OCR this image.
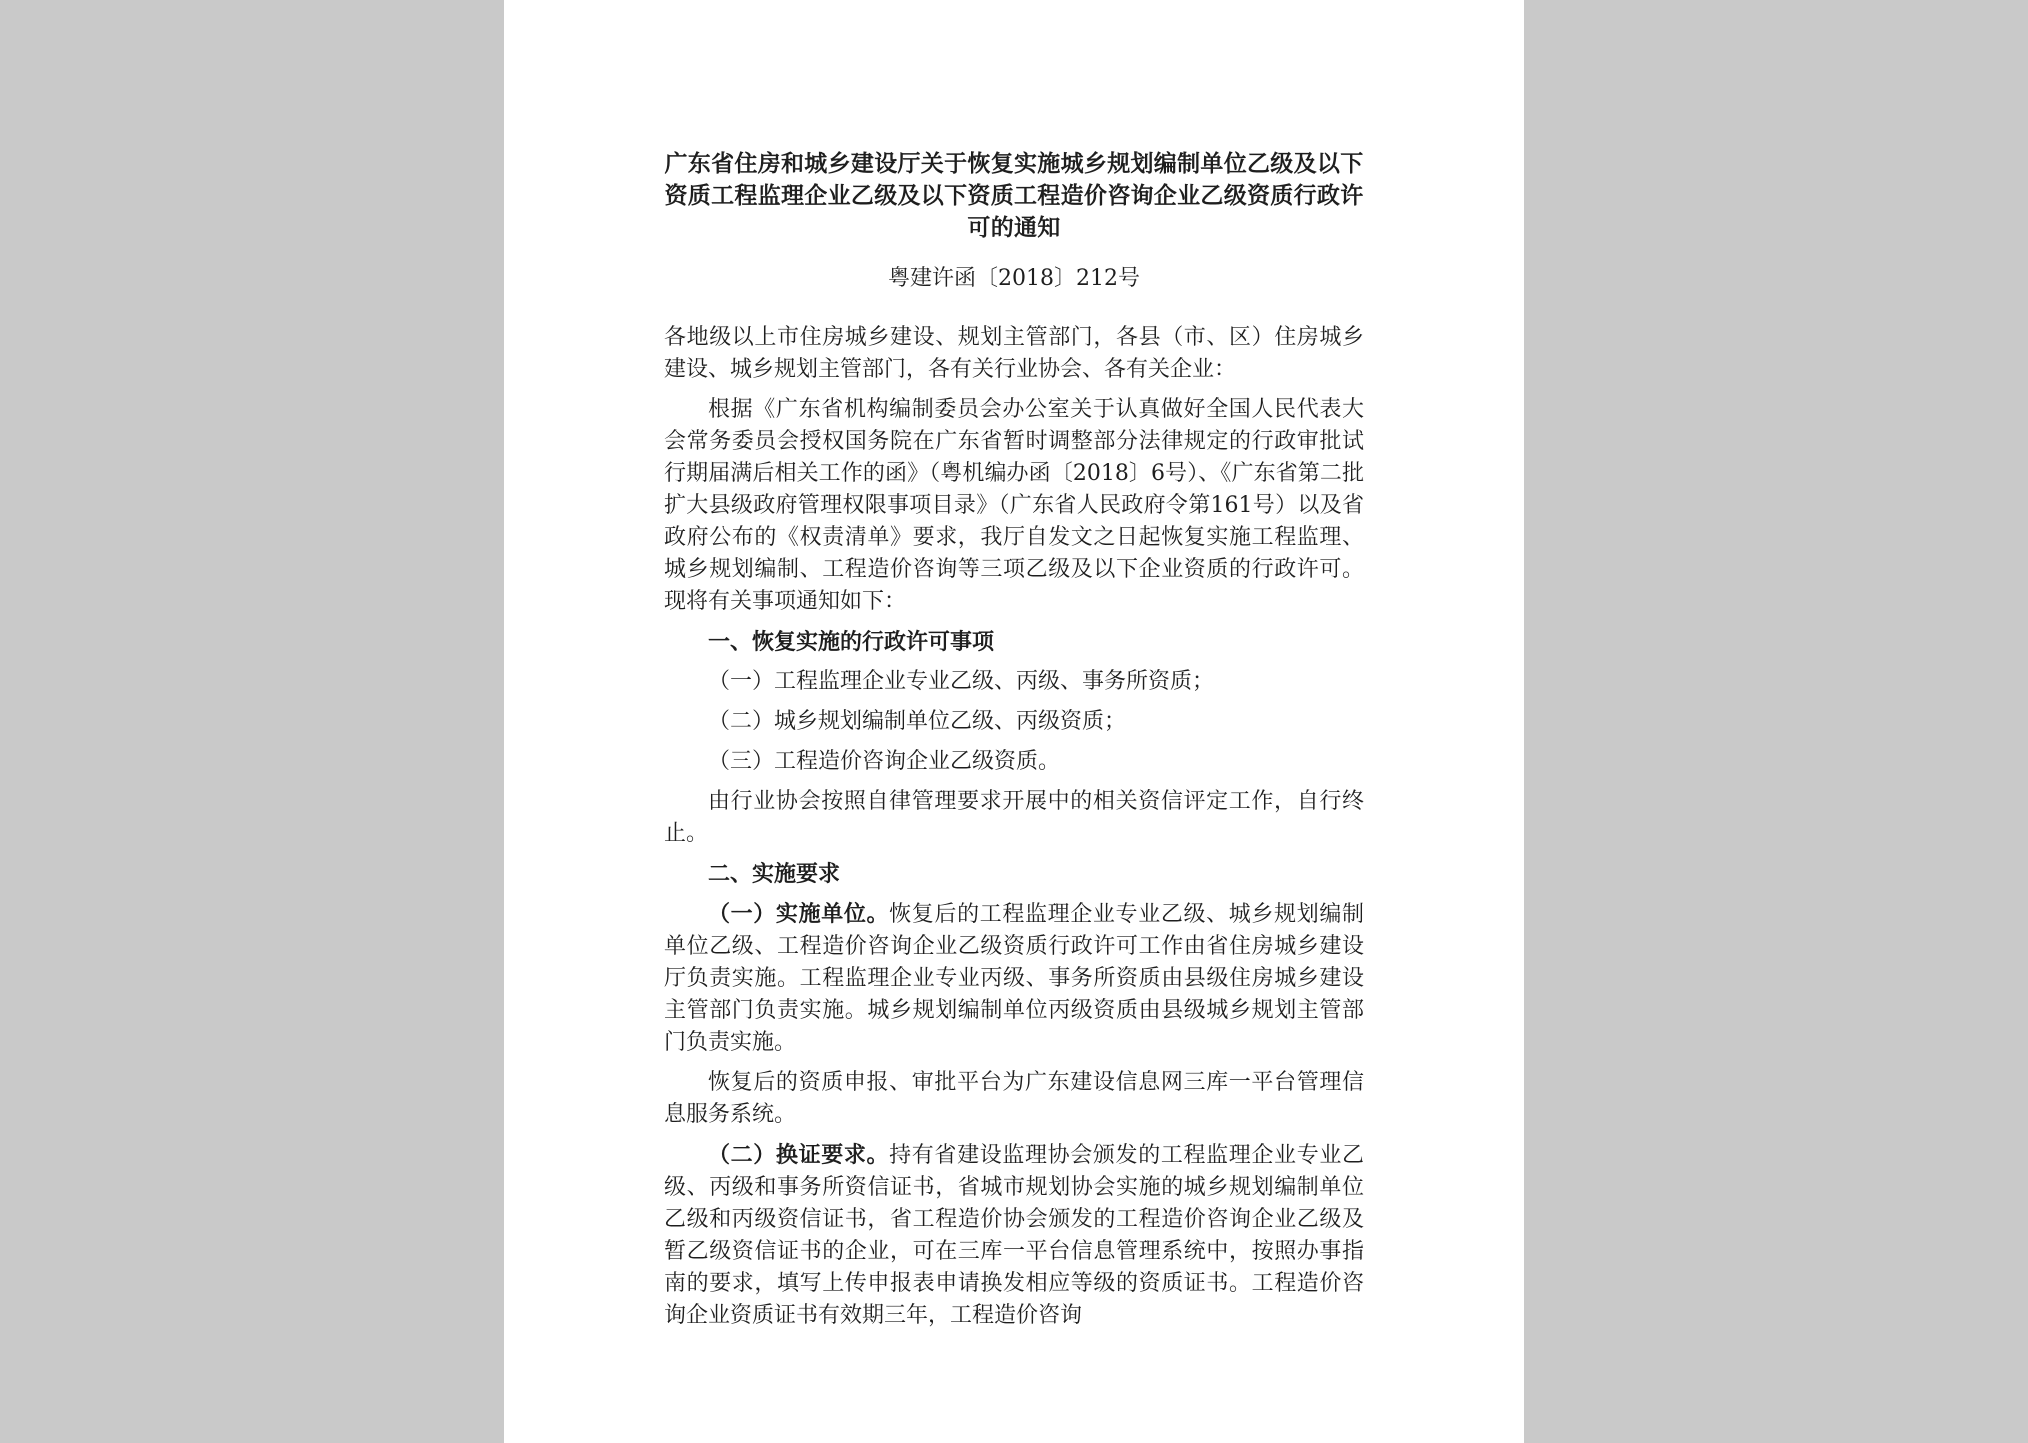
广东省住房和城乡建设厅关于恢复实施城乡规划编制单位乙级及以下资质工程监理企业乙级及以下资质工程造价咨询企业乙级资质行政许可的通知
粤建许函〔2018〕212号

各地级以上市住房城乡建设、规划主管部门，各县（市、区）住房城乡建设、城乡规划主管部门，各有关行业协会、各有关企业：

根据《广东省机构编制委员会办公室关于认真做好全国人民代表大会常务委员会授权国务院在广东省暂时调整部分法律规定的行政审批试行期届满后相关工作的函》（粤机编办函〔2018〕6号）、《广东省第二批扩大县级政府管理权限事项目录》（广东省人民政府令第161号）以及省政府公布的《权责清单》要求，我厅自发文之日起恢复实施工程监理、城乡规划编制、工程造价咨询等三项乙级及以下企业资质的行政许可。现将有关事项通知如下：

一、恢复实施的行政许可事项

（一）工程监理企业专业乙级、丙级、事务所资质；

（二）城乡规划编制单位乙级、丙级资质；

（三）工程造价咨询企业乙级资质。

由行业协会按照自律管理要求开展中的相关资信评定工作，自行终止。

二、实施要求

（一）实施单位。恢复后的工程监理企业专业乙级、城乡规划编制单位乙级、工程造价咨询企业乙级资质行政许可工作由省住房城乡建设厅负责实施。工程监理企业专业丙级、事务所资质由县级住房城乡建设主管部门负责实施。城乡规划编制单位丙级资质由县级城乡规划主管部门负责实施。

恢复后的资质申报、审批平台为广东建设信息网三库一平台管理信息服务系统。

（二）换证要求。持有省建设监理协会颁发的工程监理企业专业乙级、丙级和事务所资信证书，省城市规划协会实施的城乡规划编制单位乙级和丙级资信证书，省工程造价协会颁发的工程造价咨询企业乙级及暂乙级资信证书的企业，可在三库一平台信息管理系统中，按照办事指南的要求，填写上传申报表申请换发相应等级的资质证书。工程造价咨询企业资质证书有效期三年，工程造价咨询
